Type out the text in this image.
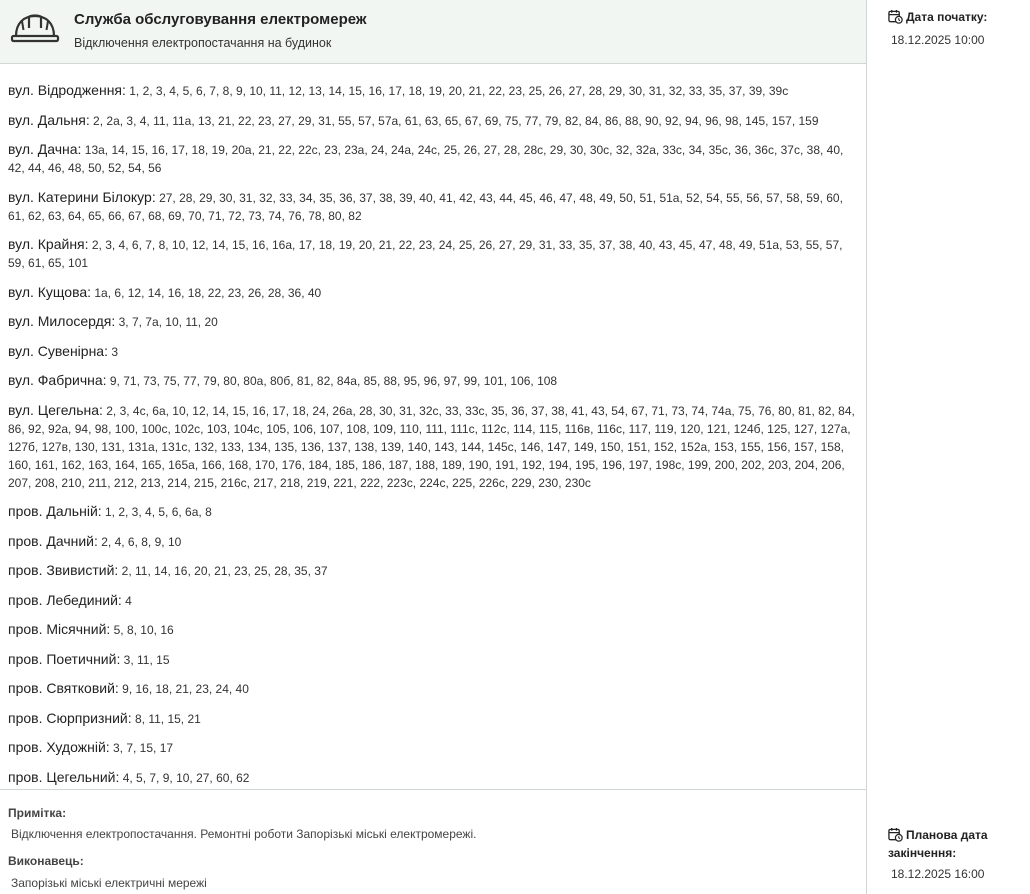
Служба обслуговування електромереж
Відключення електропостачання на будинок
вул. Відродження: 1, 2, 3, 4, 5, 6, 7, 8, 9, 10, 11, 12, 13, 14, 15, 16, 17, 18, 19, 20, 21, 22, 23, 25, 26, 27, 28, 29, 30, 31, 32, 33, 35, 37, 39, 39с
вул. Дальня: 2, 2а, 3, 4, 11, 11а, 13, 21, 22, 23, 27, 29, 31, 55, 57, 57а, 61, 63, 65, 67, 69, 75, 77, 79, 82, 84, 86, 88, 90, 92, 94, 96, 98, 145, 157, 159
вул. Дачна: 13а, 14, 15, 16, 17, 18, 19, 20а, 21, 22, 22с, 23, 23а, 24, 24а, 24с, 25, 26, 27, 28, 28с, 29, 30, 30с, 32, 32а, 33с, 34, 35с, 36, 36с, 37с, 38, 40, 42, 44, 46, 48, 50, 52, 54, 56
вул. Катерини Білокур: 27, 28, 29, 30, 31, 32, 33, 34, 35, 36, 37, 38, 39, 40, 41, 42, 43, 44, 45, 46, 47, 48, 49, 50, 51, 51а, 52, 54, 55, 56, 57, 58, 59, 60, 61, 62, 63, 64, 65, 66, 67, 68, 69, 70, 71, 72, 73, 74, 76, 78, 80, 82
вул. Крайня: 2, 3, 4, 6, 7, 8, 10, 12, 14, 15, 16, 16а, 17, 18, 19, 20, 21, 22, 23, 24, 25, 26, 27, 29, 31, 33, 35, 37, 38, 40, 43, 45, 47, 48, 49, 51а, 53, 55, 57, 59, 61, 65, 101
вул. Кущова: 1а, 6, 12, 14, 16, 18, 22, 23, 26, 28, 36, 40
вул. Милосердя: 3, 7, 7а, 10, 11, 20
вул. Сувенірна: 3
вул. Фабрична: 9, 71, 73, 75, 77, 79, 80, 80а, 80б, 81, 82, 84а, 85, 88, 95, 96, 97, 99, 101, 106, 108
вул. Цегельна: 2, 3, 4с, 6а, 10, 12, 14, 15, 16, 17, 18, 24, 26а, 28, 30, 31, 32с, 33, 33с, 35, 36, 37, 38, 41, 43, 54, 67, 71, 73, 74, 74а, 75, 76, 80, 81, 82, 84, 86, 92, 92а, 94, 98, 100, 100с, 102с, 103, 104с, 105, 106, 107, 108, 109, 110, 111, 111с, 112с, 114, 115, 116в, 116с, 117, 119, 120, 121, 124б, 125, 127, 127а, 127б, 127в, 130, 131, 131а, 131с, 132, 133, 134, 135, 136, 137, 138, 139, 140, 143, 144, 145с, 146, 147, 149, 150, 151, 152, 152а, 153, 155, 156, 157, 158, 160, 161, 162, 163, 164, 165, 165а, 166, 168, 170, 176, 184, 185, 186, 187, 188, 189, 190, 191, 192, 194, 195, 196, 197, 198с, 199, 200, 202, 203, 204, 206, 207, 208, 210, 211, 212, 213, 214, 215, 216с, 217, 218, 219, 221, 222, 223с, 224с, 225, 226с, 229, 230, 230с
пров. Дальній: 1, 2, 3, 4, 5, 6, 6а, 8
пров. Дачний: 2, 4, 6, 8, 9, 10
пров. Звивистий: 2, 11, 14, 16, 20, 21, 23, 25, 28, 35, 37
пров. Лебединий: 4
пров. Місячний: 5, 8, 10, 16
пров. Поетичний: 3, 11, 15
пров. Святковий: 9, 16, 18, 21, 23, 24, 40
пров. Сюрпризний: 8, 11, 15, 21
пров. Художній: 3, 7, 15, 17
пров. Цегельний: 4, 5, 7, 9, 10, 27, 60, 62
Примітка:
Відключення електропостачання. Ремонтні роботи Запорізькі міські електромережі.
Виконавець:
Запорізькі міські електричні мережі
Дата початку:
18.12.2025 10:00
Планова дата закінчення:
18.12.2025 16:00
